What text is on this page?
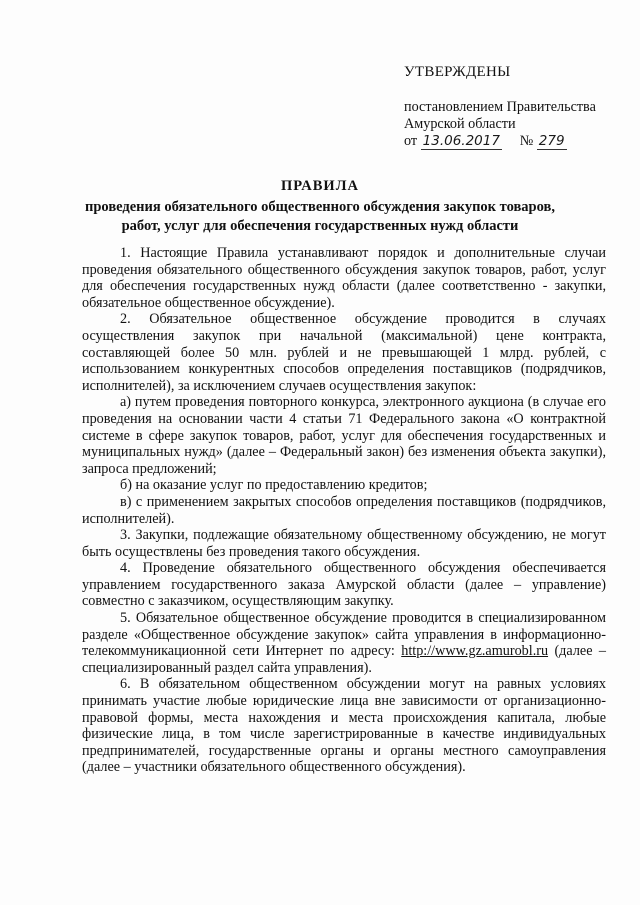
УТВЕРЖДЕНЫ
постановлением Правительства
Амурской области
от 13.06.2017 № 279
ПРАВИЛА
проведения обязательного общественного обсуждения закупок товаров,
работ, услуг для обеспечения государственных нужд области

1. Настоящие Правила устанавливают порядок и дополнительные случаи проведения обязательного общественного обсуждения закупок товаров, работ, услуг для обеспечения государственных нужд области (далее соответственно - закупки, обязательное общественное обсуждение).

2. Обязательное общественное обсуждение проводится в случаях осуществления закупок при начальной (максимальной) цене контракта, составляющей более 50 млн. рублей и не превышающей 1 млрд. рублей, с использованием конкурентных способов определения поставщиков (подрядчиков, исполнителей), за исключением случаев осуществления закупок:

а) путем проведения повторного конкурса, электронного аукциона (в случае его проведения на основании части 4 статьи 71 Федерального закона «О контрактной системе в сфере закупок товаров, работ, услуг для обеспечения государственных и муниципальных нужд» (далее – Федеральный закон) без изменения объекта закупки), запроса предложений;

б) на оказание услуг по предоставлению кредитов;

в) с применением закрытых способов определения поставщиков (подрядчиков, исполнителей).

3. Закупки, подлежащие обязательному общественному обсуждению, не могут быть осуществлены без проведения такого обсуждения.

4. Проведение обязательного общественного обсуждения обеспечивается управлением государственного заказа Амурской области (далее – управление) совместно с заказчиком, осуществляющим закупку.

5. Обязательное общественное обсуждение проводится в специализированном разделе «Общественное обсуждение закупок» сайта управления в информационно-телекоммуникационной сети Интернет по адресу: http://www.gz.amurobl.ru (далее – специализированный раздел сайта управления).

6. В обязательном общественном обсуждении могут на равных условиях принимать участие любые юридические лица вне зависимости от организационно-правовой формы, места нахождения и места происхождения капитала, любые физические лица, в том числе зарегистрированные в качестве индивидуальных предпринимателей, государственные органы и органы местного самоуправления (далее – участники обязательного общественного обсуждения).
